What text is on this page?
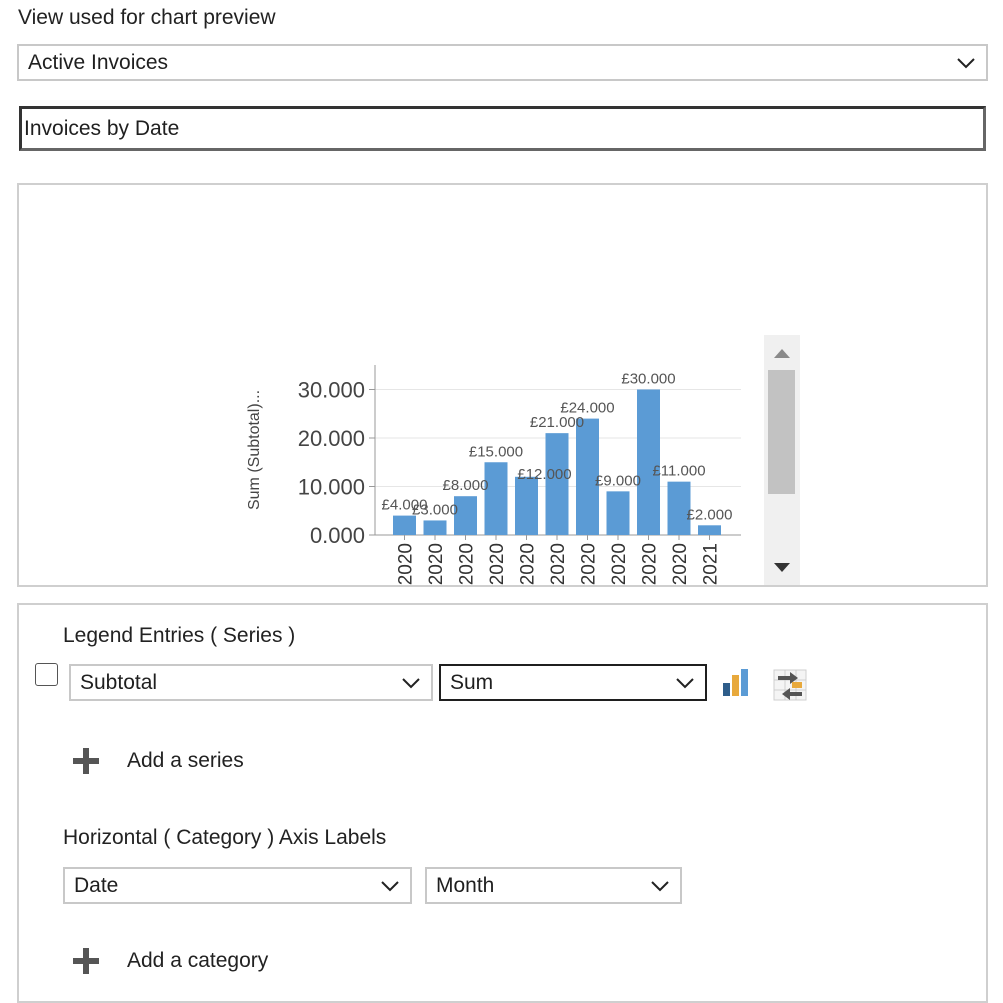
View used for chart preview
Active Invoices
Invoices by Date
30.000
20.000
10.000
0.000
Sum (Subtotal)...	£4.000
£3.000
£8.000
£15.000
£21.000
£24.000
£9.000
£30.000
£11.000
£2.000
£12.000
2020 2020 2020 2020 2020 2020 2020 2020 2020 2020 2021
Legend Entries ( Series )
Subtotal	Sum
Add a series
Horizontal ( Category ) Axis Labels
Date	Month
Add a category
